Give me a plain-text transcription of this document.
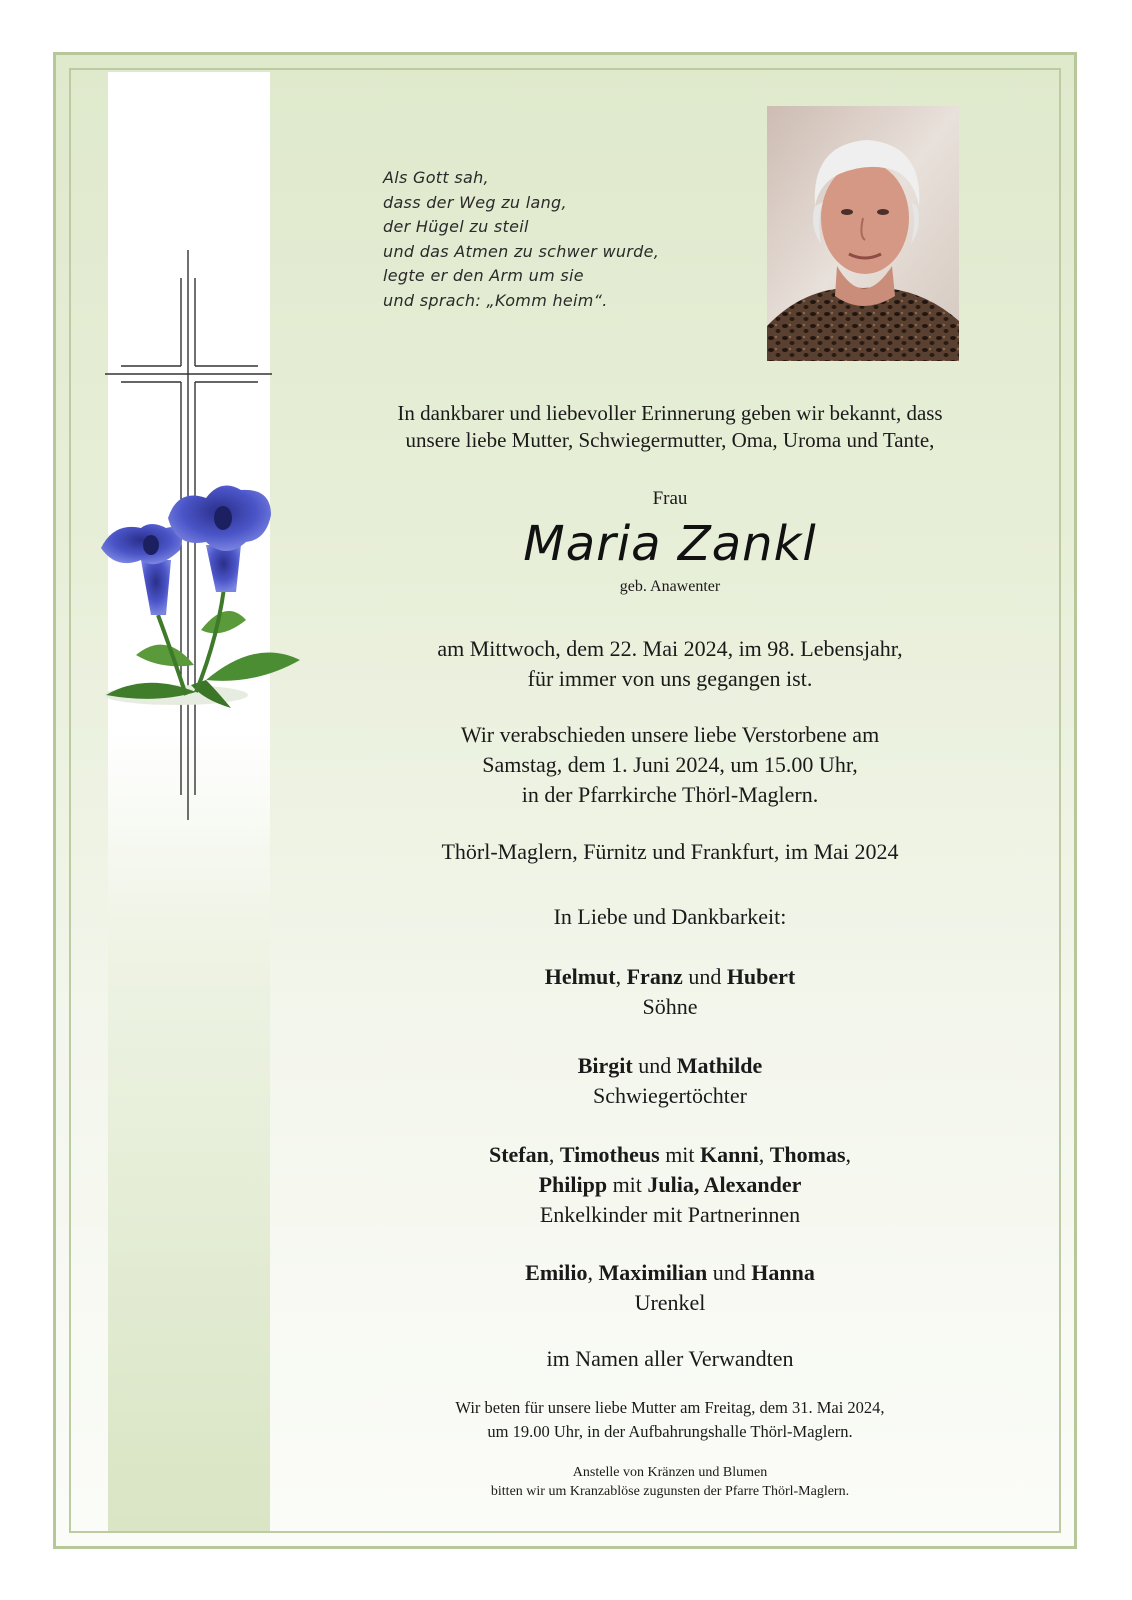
Als Gott sah,
dass der Weg zu lang,
der Hügel zu steil
und das Atmen zu schwer wurde,
legte er den Arm um sie
und sprach: „Komm heim“.
In dankbarer und liebevoller Erinnerung geben wir bekannt, dass
unsere liebe Mutter, Schwiegermutter, Oma, Uroma und Tante,
Frau
Maria Zankl
geb. Anawenter
am Mittwoch, dem 22. Mai 2024, im 98. Lebensjahr,
für immer von uns gegangen ist.
Wir verabschieden unsere liebe Verstorbene am
Samstag, dem 1. Juni 2024, um 15.00 Uhr,
in der Pfarrkirche Thörl-Maglern.
Thörl-Maglern, Fürnitz und Frankfurt, im Mai 2024
In Liebe und Dankbarkeit:
Helmut, Franz und Hubert
Söhne
Birgit und Mathilde
Schwiegertöchter
Stefan, Timotheus mit Kanni, Thomas,
Philipp mit Julia, Alexander
Enkelkinder mit Partnerinnen
Emilio, Maximilian und Hanna
Urenkel
im Namen aller Verwandten
Wir beten für unsere liebe Mutter am Freitag, dem 31. Mai 2024,
um 19.00 Uhr, in der Aufbahrungshalle Thörl-Maglern.
Anstelle von Kränzen und Blumen
bitten wir um Kranzablöse zugunsten der Pfarre Thörl-Maglern.
